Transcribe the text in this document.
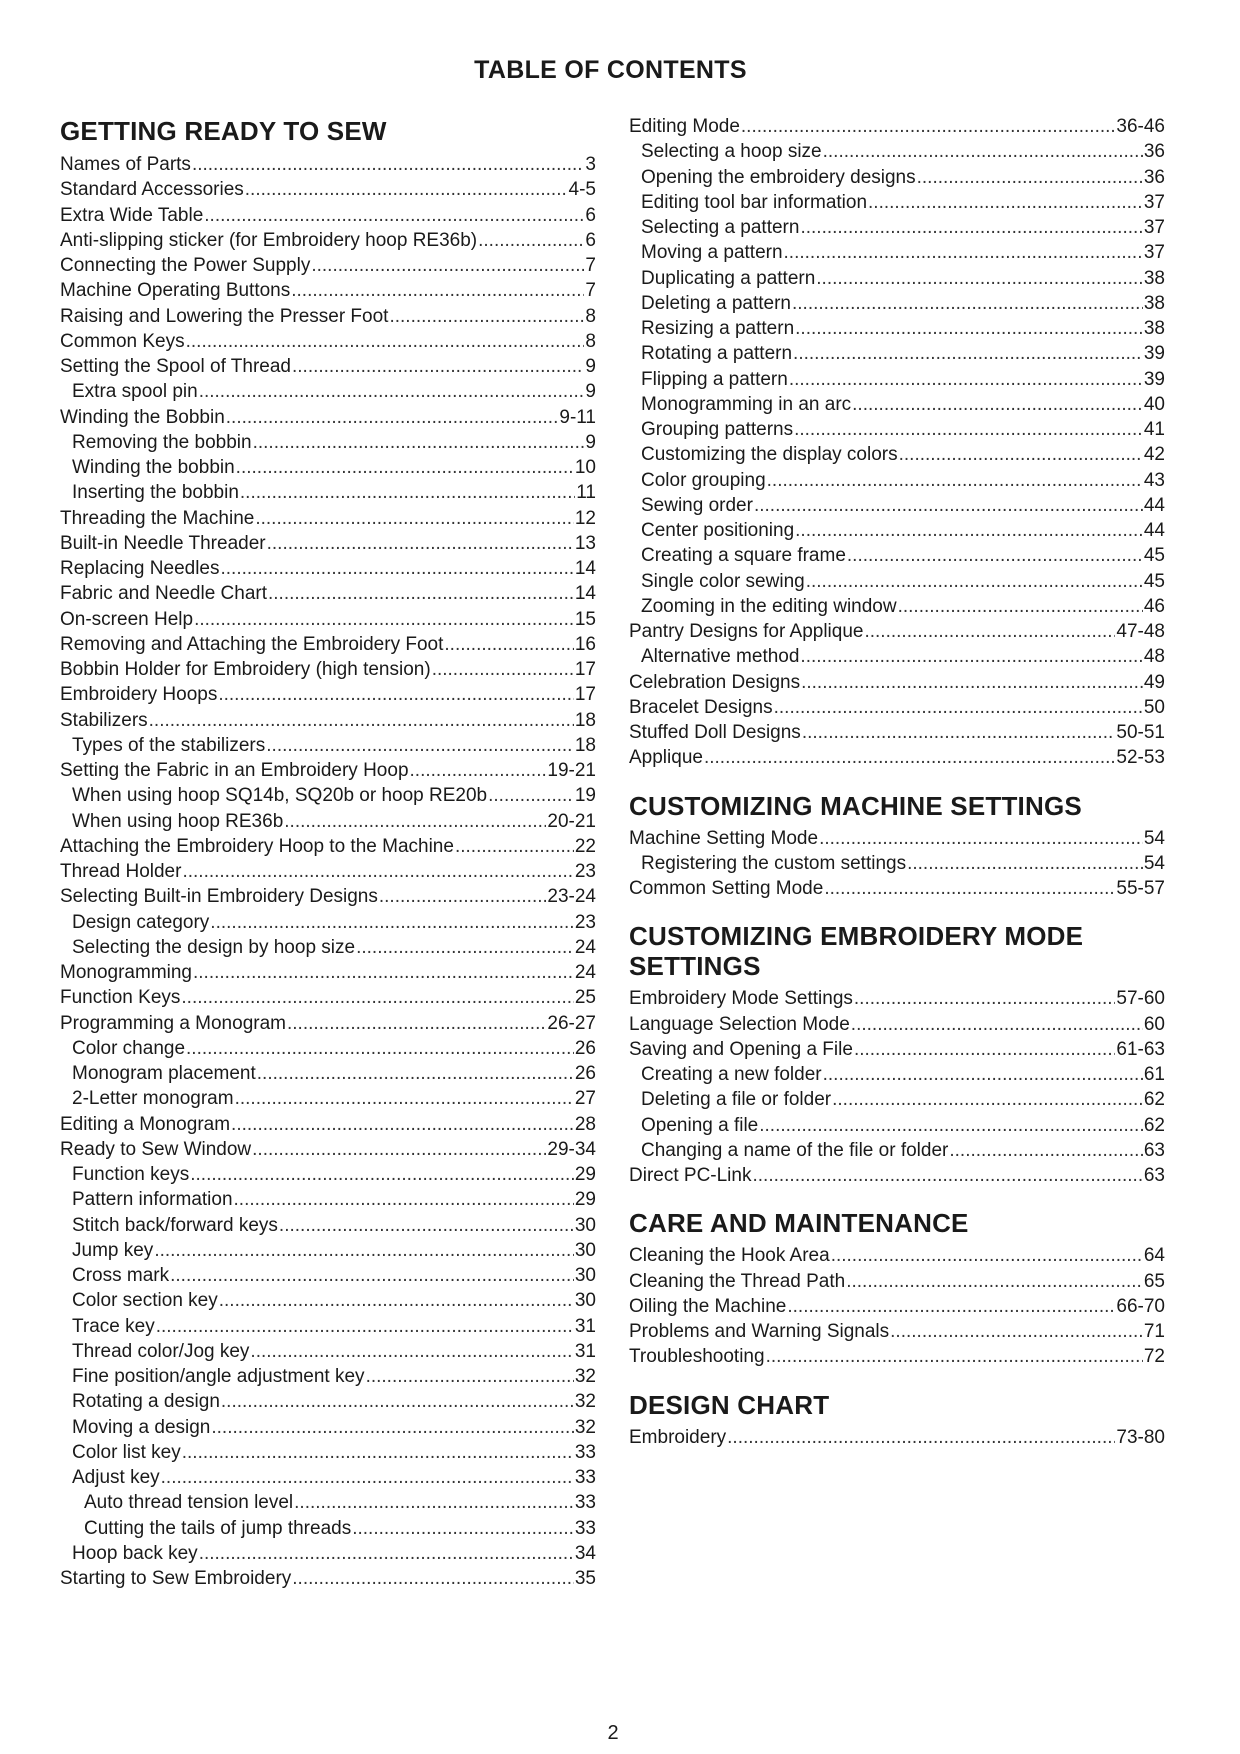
TABLE OF CONTENTS
GETTING READY TO SEW
Names of Parts .....	3
Standard Accessories .....	4-5
Extra Wide Table .....	6
Anti-slipping sticker (for Embroidery hoop RE36b) .....	6
Connecting the Power Supply .....	7
Machine Operating Buttons .....	7
Raising and Lowering the Presser Foot .....	8
Common Keys .....	8
Setting the Spool of Thread .....	9
Extra spool pin .....	9
Winding the Bobbin .....	9-11
Removing the bobbin .....	9
Winding the bobbin .....	10
Inserting the bobbin .....	11
Threading the Machine .....	12
Built-in Needle Threader .....	13
Replacing Needles .....	14
Fabric and Needle Chart .....	14
On-screen Help .....	15
Removing and Attaching the Embroidery Foot .....	16
Bobbin Holder for Embroidery (high tension) .....	17
Embroidery Hoops .....	17
Stabilizers .....	18
Types of the stabilizers .....	18
Setting the Fabric in an Embroidery Hoop .....	19-21
When using hoop SQ14b, SQ20b or hoop RE20b .....	19
When using hoop RE36b .....	20-21
Attaching the Embroidery Hoop to the Machine .....	22
Thread Holder .....	23
Selecting Built-in Embroidery Designs .....	23-24
Design category .....	23
Selecting the design by hoop size .....	24
Monogramming .....	24
Function Keys .....	25
Programming a Monogram .....	26-27
Color change .....	26
Monogram placement .....	26
2-Letter monogram .....	27
Editing a Monogram .....	28
Ready to Sew Window .....	29-34
Function keys .....	29
Pattern information .....	29
Stitch back/forward keys .....	30
Jump key .....	30
Cross mark .....	30
Color section key .....	30
Trace key .....	31
Thread color/Jog key .....	31
Fine position/angle adjustment key .....	32
Rotating a design .....	32
Moving a design .....	32
Color list key .....	33
Adjust key .....	33
Auto thread tension level .....	33
Cutting the tails of jump threads .....	33
Hoop back key .....	34
Starting to Sew Embroidery .....	35
Editing Mode .....	36-46
Selecting a hoop size .....	36
Opening the embroidery designs .....	36
Editing tool bar information .....	37
Selecting a pattern .....	37
Moving a pattern .....	37
Duplicating a pattern .....	38
Deleting a pattern .....	38
Resizing a pattern .....	38
Rotating a pattern .....	39
Flipping a pattern .....	39
Monogramming in an arc .....	40
Grouping patterns .....	41
Customizing the display colors .....	42
Color grouping .....	43
Sewing order .....	44
Center positioning .....	44
Creating a square frame .....	45
Single color sewing .....	45
Zooming in the editing window .....	46
Pantry Designs for Applique .....	47-48
Alternative method .....	48
Celebration Designs .....	49
Bracelet Designs .....	50
Stuffed Doll Designs .....	50-51
Applique .....	52-53
CUSTOMIZING MACHINE SETTINGS
Machine Setting Mode .....	54
Registering the custom settings .....	54
Common Setting Mode .....	55-57
CUSTOMIZING EMBROIDERY MODE SETTINGS
Embroidery Mode Settings .....	57-60
Language Selection Mode .....	60
Saving and Opening a File .....	61-63
Creating a new folder .....	61
Deleting a file or folder .....	62
Opening a file .....	62
Changing a name of the file or folder .....	63
Direct PC-Link .....	63
CARE AND MAINTENANCE
Cleaning the Hook Area .....	64
Cleaning the Thread Path .....	65
Oiling the Machine .....	66-70
Problems and Warning Signals .....	71
Troubleshooting .....	72
DESIGN CHART
Embroidery .....	73-80
2
